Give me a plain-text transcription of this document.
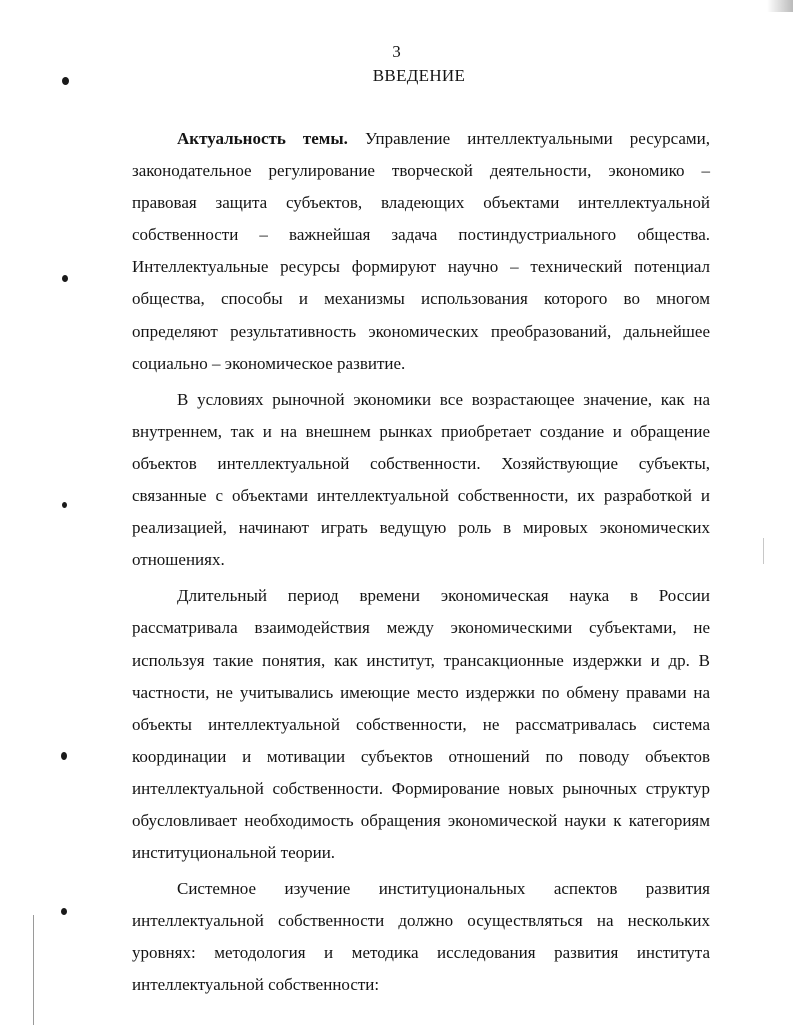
3
ВВЕДЕНИЕ

Актуальность темы. Управление интеллектуальными ресурсами, законодательное регулирование творческой деятельности, экономико – правовая защита субъектов, владеющих объектами интеллектуальной собственности – важнейшая задача постиндустриального общества. Интеллектуальные ресурсы формируют научно – технический потенциал общества, способы и механизмы использования которого во многом определяют результативность экономических преобразований, дальнейшее социально – экономическое развитие.

В условиях рыночной экономики все возрастающее значение, как на внутреннем, так и на внешнем рынках приобретает создание и обращение объектов интеллектуальной собственности. Хозяйствующие субъекты, связанные с объектами интеллектуальной собственности, их разработкой и реализацией, начинают играть ведущую роль в мировых экономических отношениях.

Длительный период времени экономическая наука в России рассматривала взаимодействия между экономическими субъектами, не используя такие понятия, как институт, трансакционные издержки и др. В частности, не учитывались имеющие место издержки по обмену правами на объекты интеллектуальной собственности, не рассматривалась система координации и мотивации субъектов отношений по поводу объектов интеллектуальной собственности. Формирование новых рыночных структур обусловливает необходимость обращения экономической науки к категориям институциональной теории.

Системное изучение институциональных аспектов развития интеллектуальной собственности должно осуществляться на нескольких уровнях: методология и методика исследования развития института интеллектуальной собственности:
